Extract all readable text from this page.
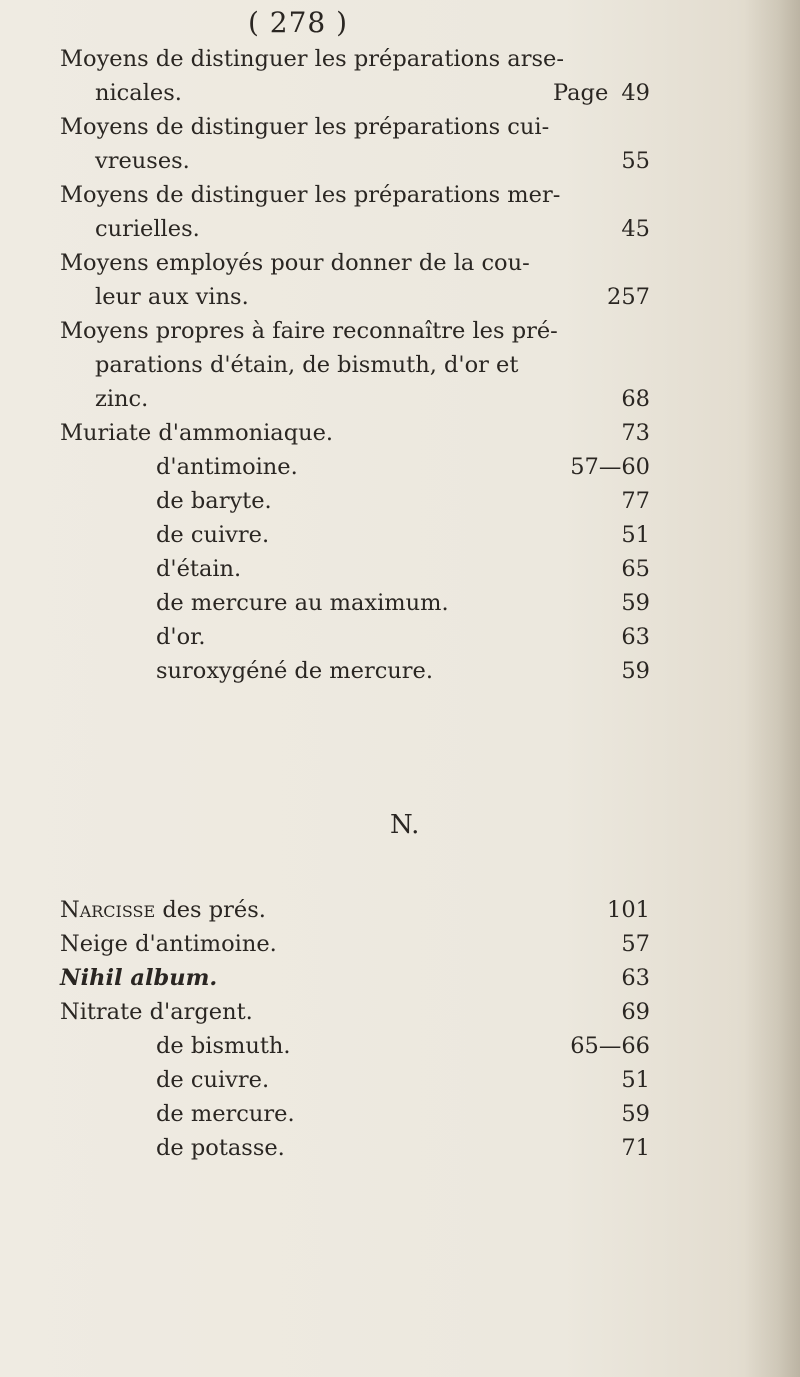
( 278 )
Moyens de distinguer les préparations arse-
nicales.	Page 49
Moyens de distinguer les préparations cui-
vreuses.	55
Moyens de distinguer les préparations mer-
curielles.	45
Moyens employés pour donner de la cou-
leur aux vins.	257
Moyens propres à faire reconnaître les pré-
parations d'étain, de bismuth, d'or et
zinc.	68
Muriate d'ammoniaque.	73
d'antimoine.	57—60
de baryte.	77
de cuivre.	51
d'étain.	65
de mercure au maximum.	59
d'or.	63
suroxygéné de mercure.	59
N.
Narcisse des prés.	101
Neige d'antimoine.	57
Nihil album.	63
Nitrate d'argent.	69
de bismuth.	65—66
de cuivre.	51
de mercure.	59
de potasse.	71
